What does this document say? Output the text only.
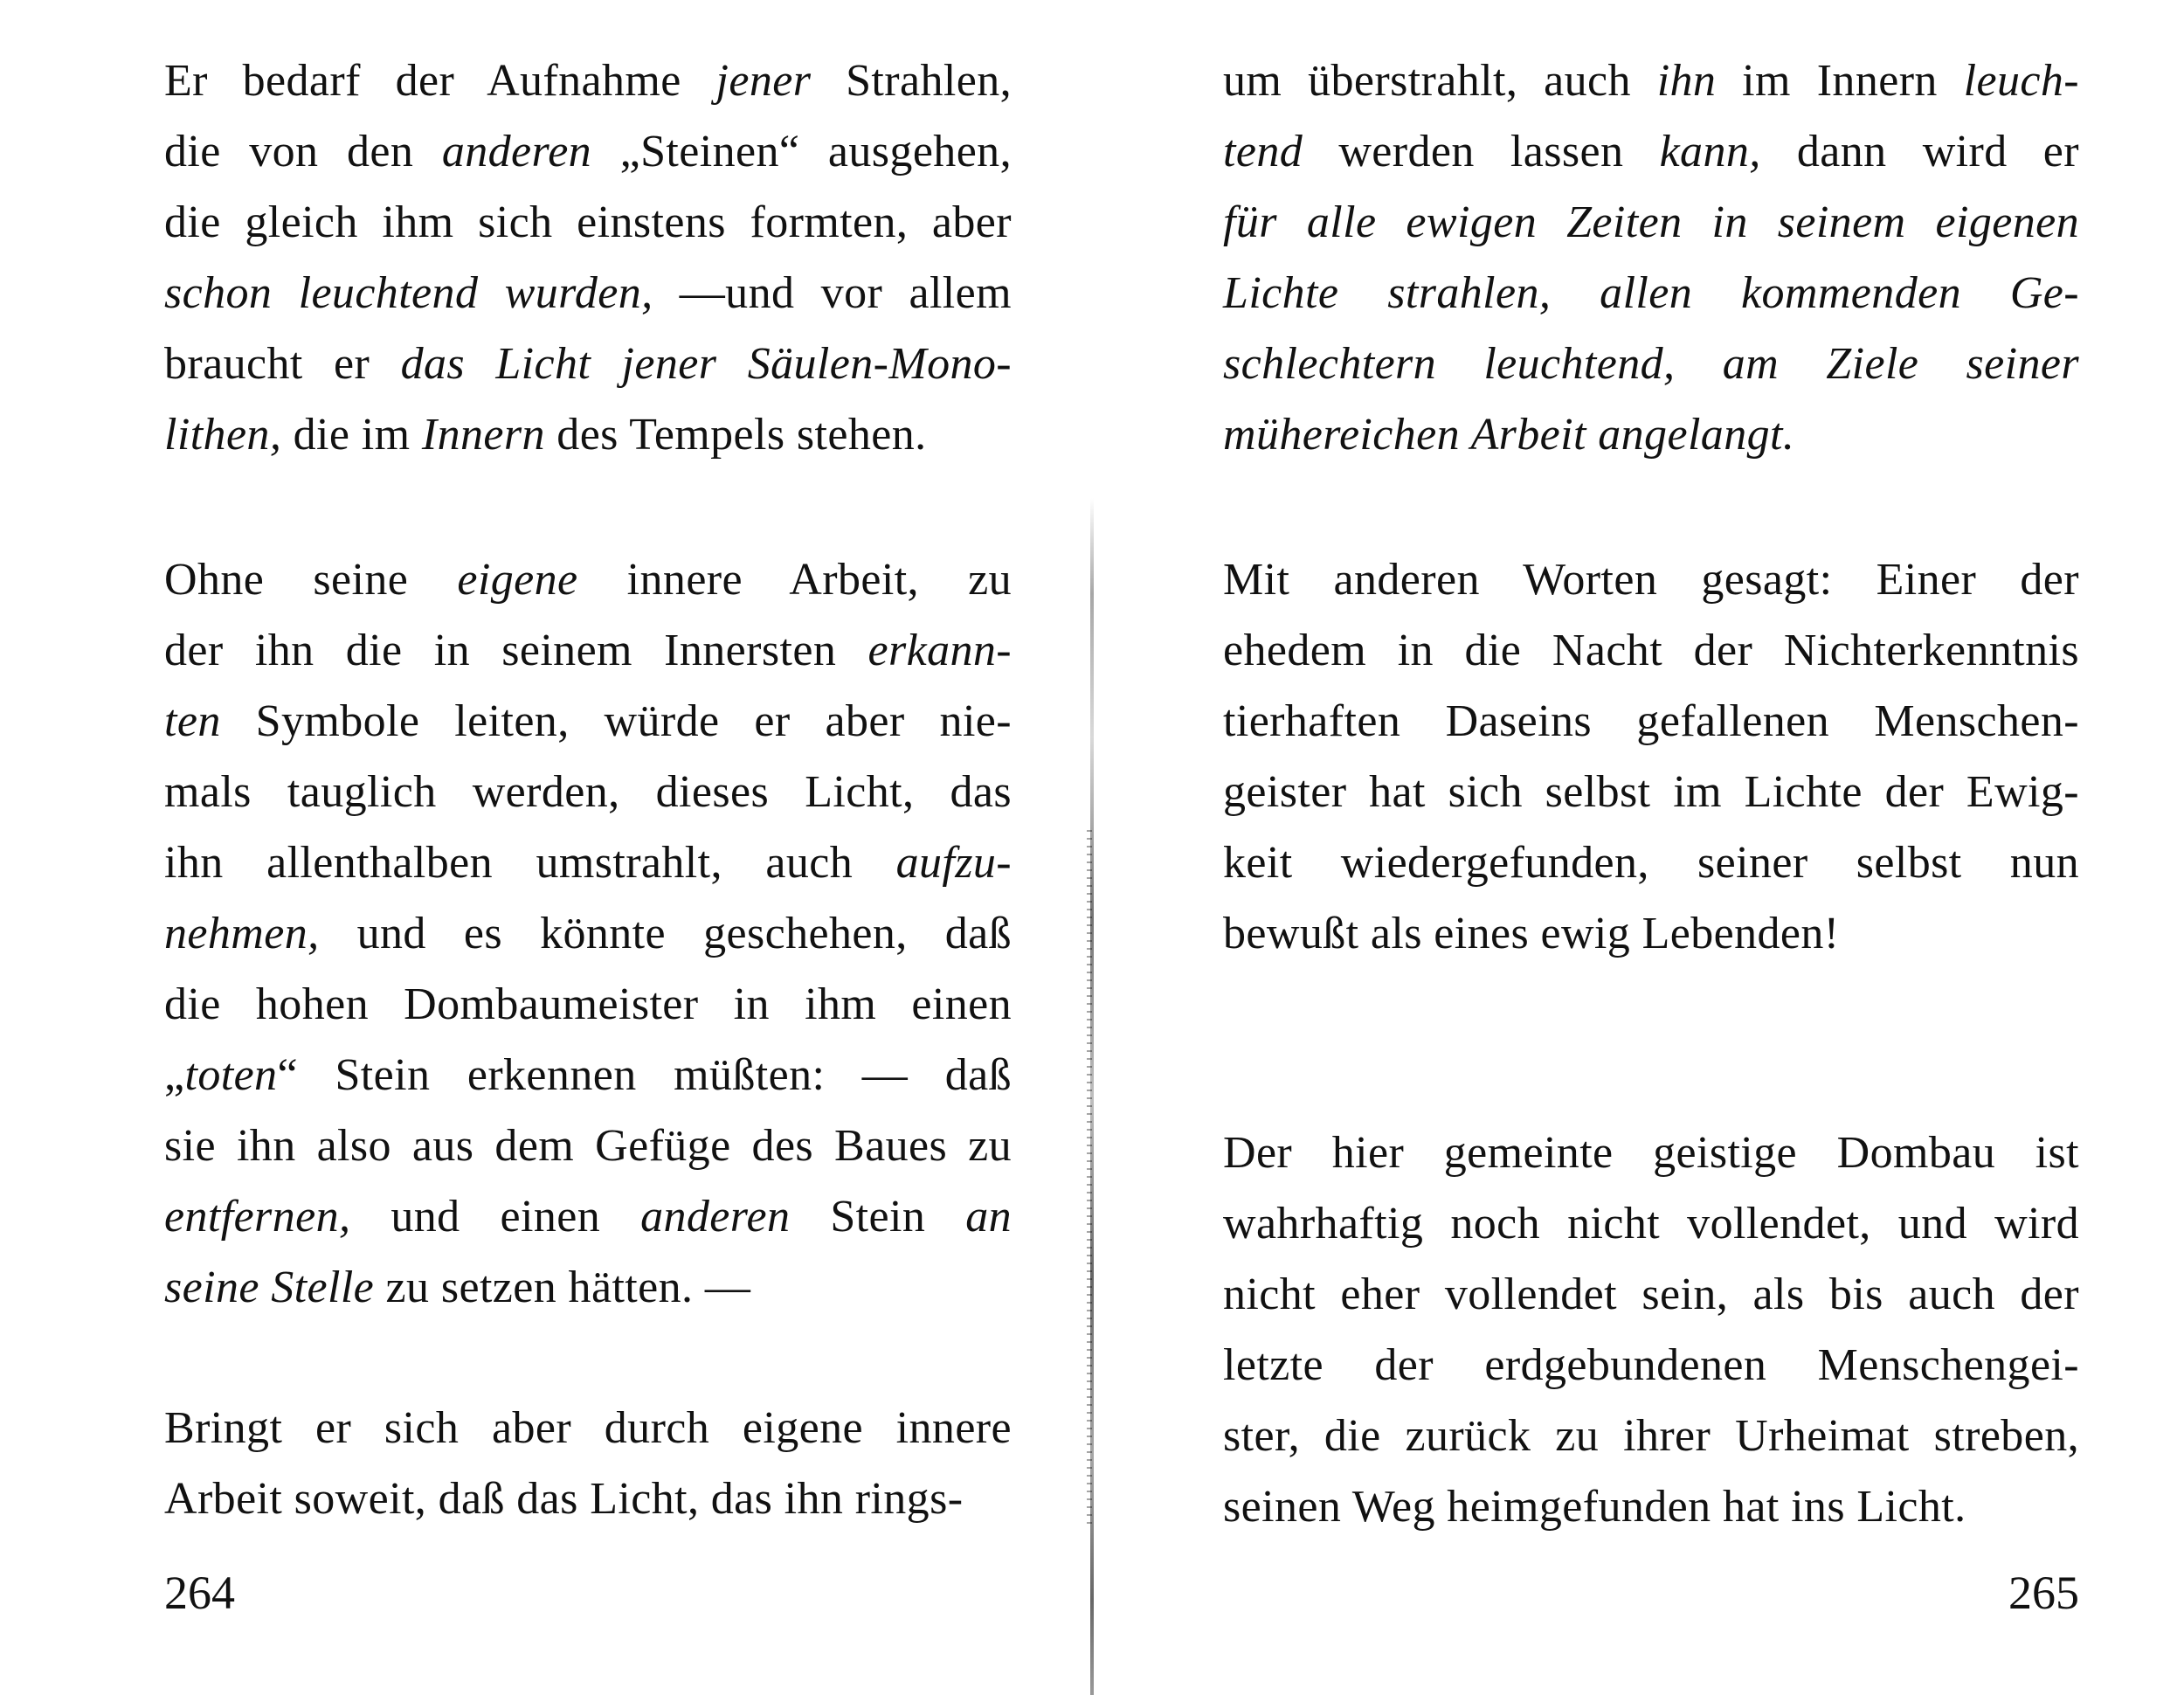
Er bedarf der Aufnahme jener Strahlen,
die von den anderen „Steinen“ ausgehen,
die gleich ihm sich einstens formten, aber
schon leuchtend wurden, —und vor allem
braucht er das Licht jener Säulen-Mono-
lithen, die im Innern des Tempels stehen.
Ohne seine eigene innere Arbeit, zu
der ihn die in seinem Innersten erkann-
ten Symbole leiten, würde er aber nie-
mals tauglich werden, dieses Licht, das
ihn allenthalben umstrahlt, auch aufzu-
nehmen, und es könnte geschehen, daß
die hohen Dombaumeister in ihm einen
„toten“ Stein erkennen müßten: — daß
sie ihn also aus dem Gefüge des Baues zu
entfernen, und einen anderen Stein an
seine Stelle zu setzen hätten. —
Bringt er sich aber durch eigene innere
Arbeit soweit, daß das Licht, das ihn rings-
264
um überstrahlt, auch ihn im Innern leuch-
tend werden lassen kann, dann wird er
für alle ewigen Zeiten in seinem eigenen
Lichte strahlen, allen kommenden Ge-
schlechtern leuchtend, am Ziele seiner
mühereichen Arbeit angelangt.
Mit anderen Worten gesagt: Einer der
ehedem in die Nacht der Nichterkenntnis
tierhaften Daseins gefallenen Menschen-
geister hat sich selbst im Lichte der Ewig-
keit wiedergefunden, seiner selbst nun
bewußt als eines ewig Lebenden!
Der hier gemeinte geistige Dombau ist
wahrhaftig noch nicht vollendet, und wird
nicht eher vollendet sein, als bis auch der
letzte der erdgebundenen Menschengei-
ster, die zurück zu ihrer Urheimat streben,
seinen Weg heimgefunden hat ins Licht.
265
